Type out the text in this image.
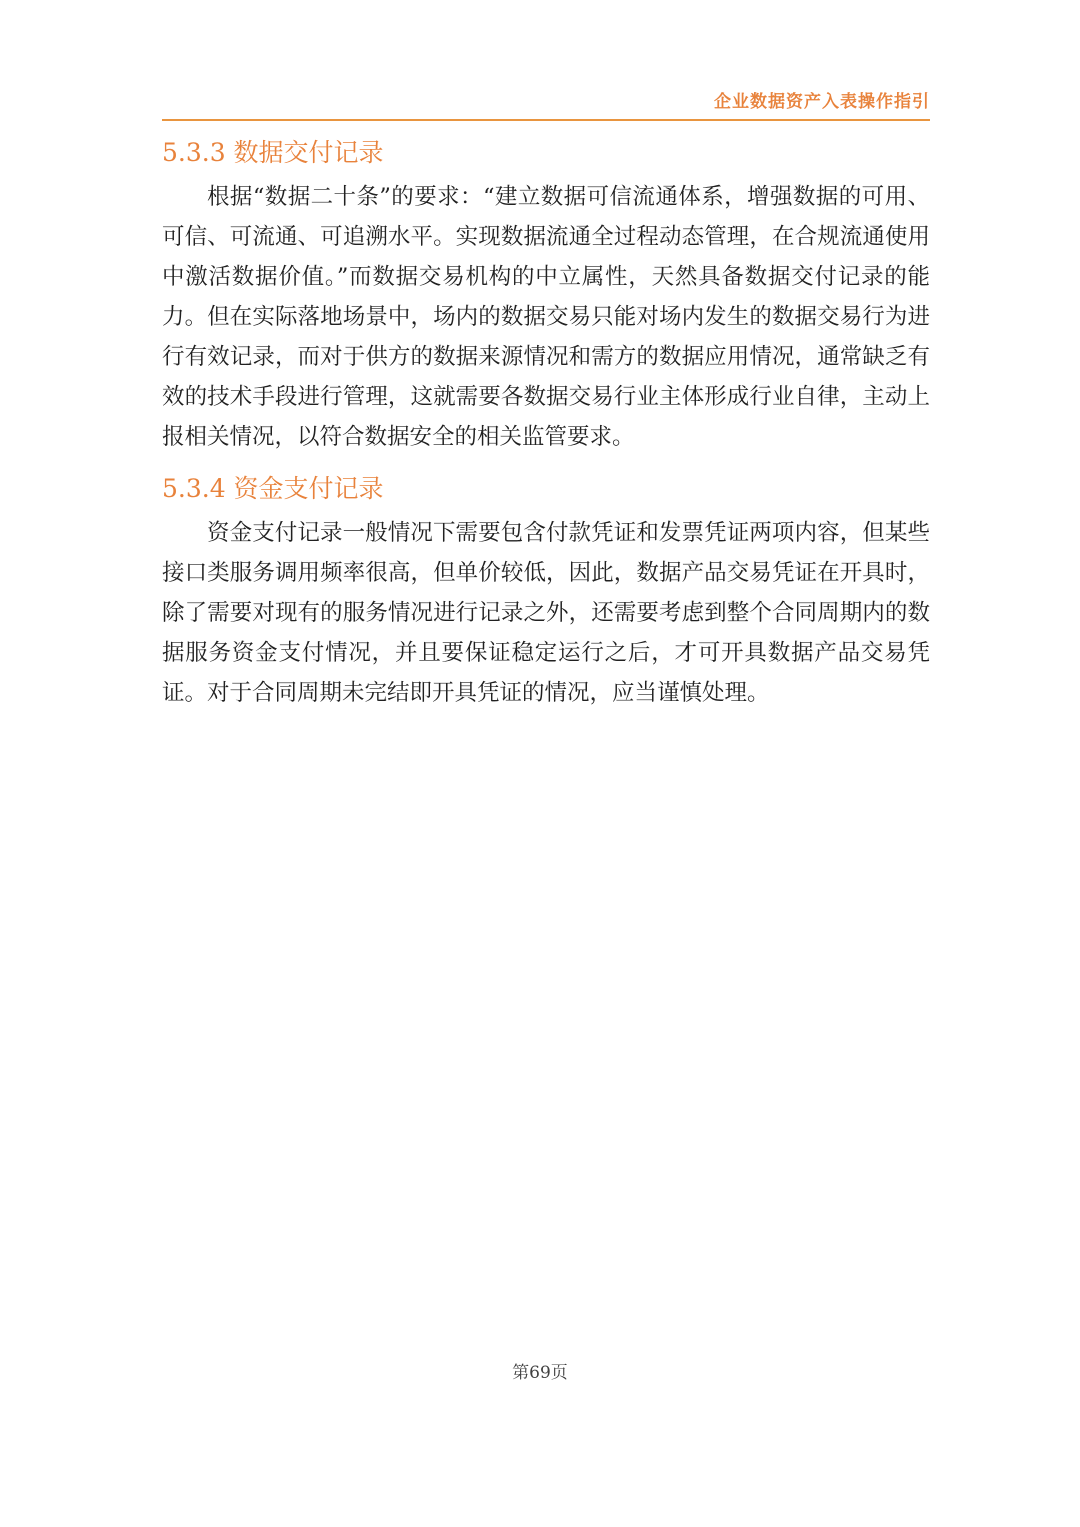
企业数据资产入表操作指引
5.3.3 数据交付记录

根据“数据二十条”的要求：“建立数据可信流通体系，增强数据的可用、可信、可流通、可追溯水平。实现数据流通全过程动态管理，在合规流通使用中激活数据价值。”而数据交易机构的中立属性，天然具备数据交付记录的能力。但在实际落地场景中，场内的数据交易只能对场内发生的数据交易行为进行有效记录，而对于供方的数据来源情况和需方的数据应用情况，通常缺乏有效的技术手段进行管理，这就需要各数据交易行业主体形成行业自律，主动上报相关情况，以符合数据安全的相关监管要求。

5.3.4 资金支付记录

资金支付记录一般情况下需要包含付款凭证和发票凭证两项内容，但某些接口类服务调用频率很高，但单价较低，因此，数据产品交易凭证在开具时，除了需要对现有的服务情况进行记录之外，还需要考虑到整个合同周期内的数据服务资金支付情况，并且要保证稳定运行之后，才可开具数据产品交易凭证。对于合同周期未完结即开具凭证的情况，应当谨慎处理。

第69页
